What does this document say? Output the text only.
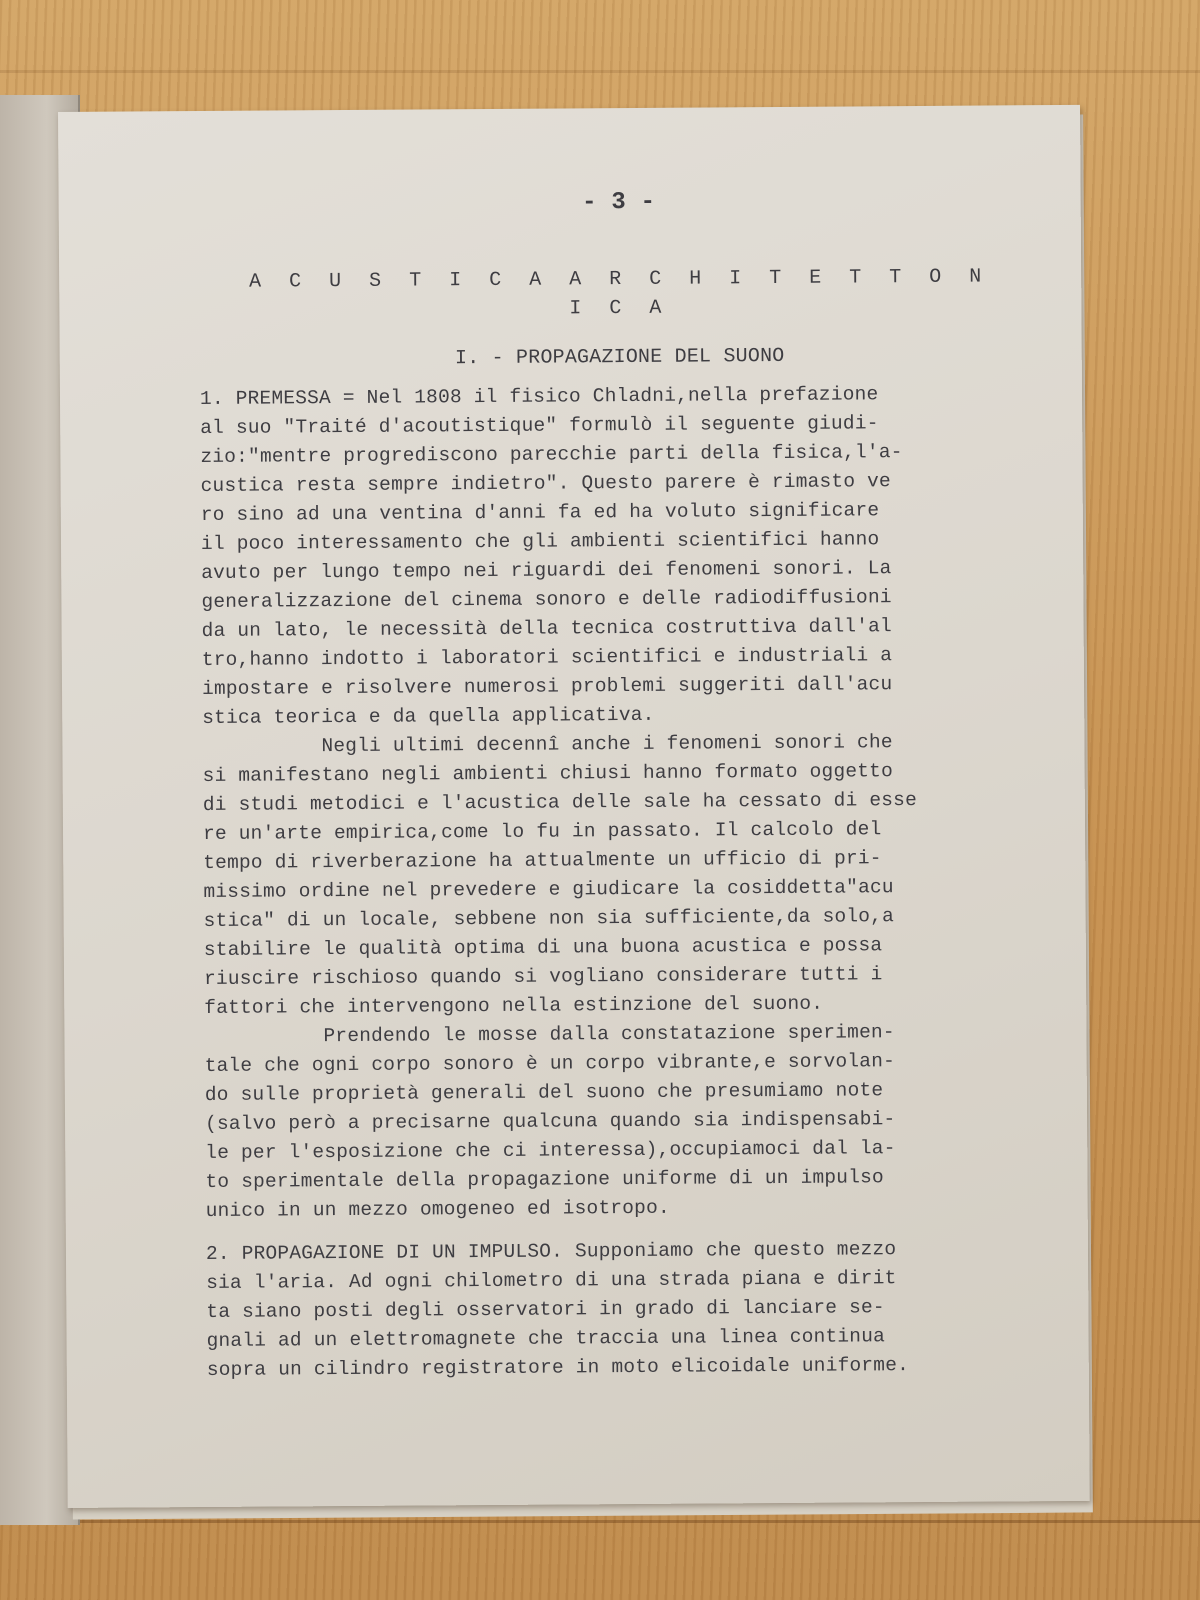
- 3 -
A C U S T I C A A R C H I T E T T O N I C A
I. - PROPAGAZIONE DEL SUONO
1. PREMESSA = Nel 1808 il fisico Chladni,nella prefazione
al suo "Traité d'acoutistique" formulò il seguente giudi-
zio:"mentre progrediscono parecchie parti della fisica,l'a-
custica resta sempre indietro". Questo parere è rimasto ve
ro sino ad una ventina d'anni fa ed ha voluto significare
il poco interessamento che gli ambienti scientifici hanno
avuto per lungo tempo nei riguardi dei fenomeni sonori. La
generalizzazione del cinema sonoro e delle radiodiffusioni
da un lato, le necessità della tecnica costruttiva dall'al
tro,hanno indotto i laboratori scientifici e industriali a
impostare e risolvere numerosi problemi suggeriti dall'acu
stica teorica e da quella applicativa.
Negli ultimi decennî anche i fenomeni sonori che
si manifestano negli ambienti chiusi hanno formato oggetto
di studi metodici e l'acustica delle sale ha cessato di esse
re un'arte empirica,come lo fu in passato. Il calcolo del
tempo di riverberazione ha attualmente un ufficio di pri-
missimo ordine nel prevedere e giudicare la cosiddetta"acu
stica" di un locale, sebbene non sia sufficiente,da solo,a
stabilire le qualità optima di una buona acustica e possa
riuscire rischioso quando si vogliano considerare tutti i
fattori che intervengono nella estinzione del suono.
Prendendo le mosse dalla constatazione sperimen-
tale che ogni corpo sonoro è un corpo vibrante,e sorvolan-
do sulle proprietà generali del suono che presumiamo note
(salvo però a precisarne qualcuna quando sia indispensabi-
le per l'esposizione che ci interessa),occupiamoci dal la-
to sperimentale della propagazione uniforme di un impulso
unico in un mezzo omogeneo ed isotropo.
2. PROPAGAZIONE DI UN IMPULSO. Supponiamo che questo mezzo
sia l'aria. Ad ogni chilometro di una strada piana e dirit
ta siano posti degli osservatori in grado di lanciare se-
gnali ad un elettromagnete che traccia una linea continua
sopra un cilindro registratore in moto elicoidale uniforme.
